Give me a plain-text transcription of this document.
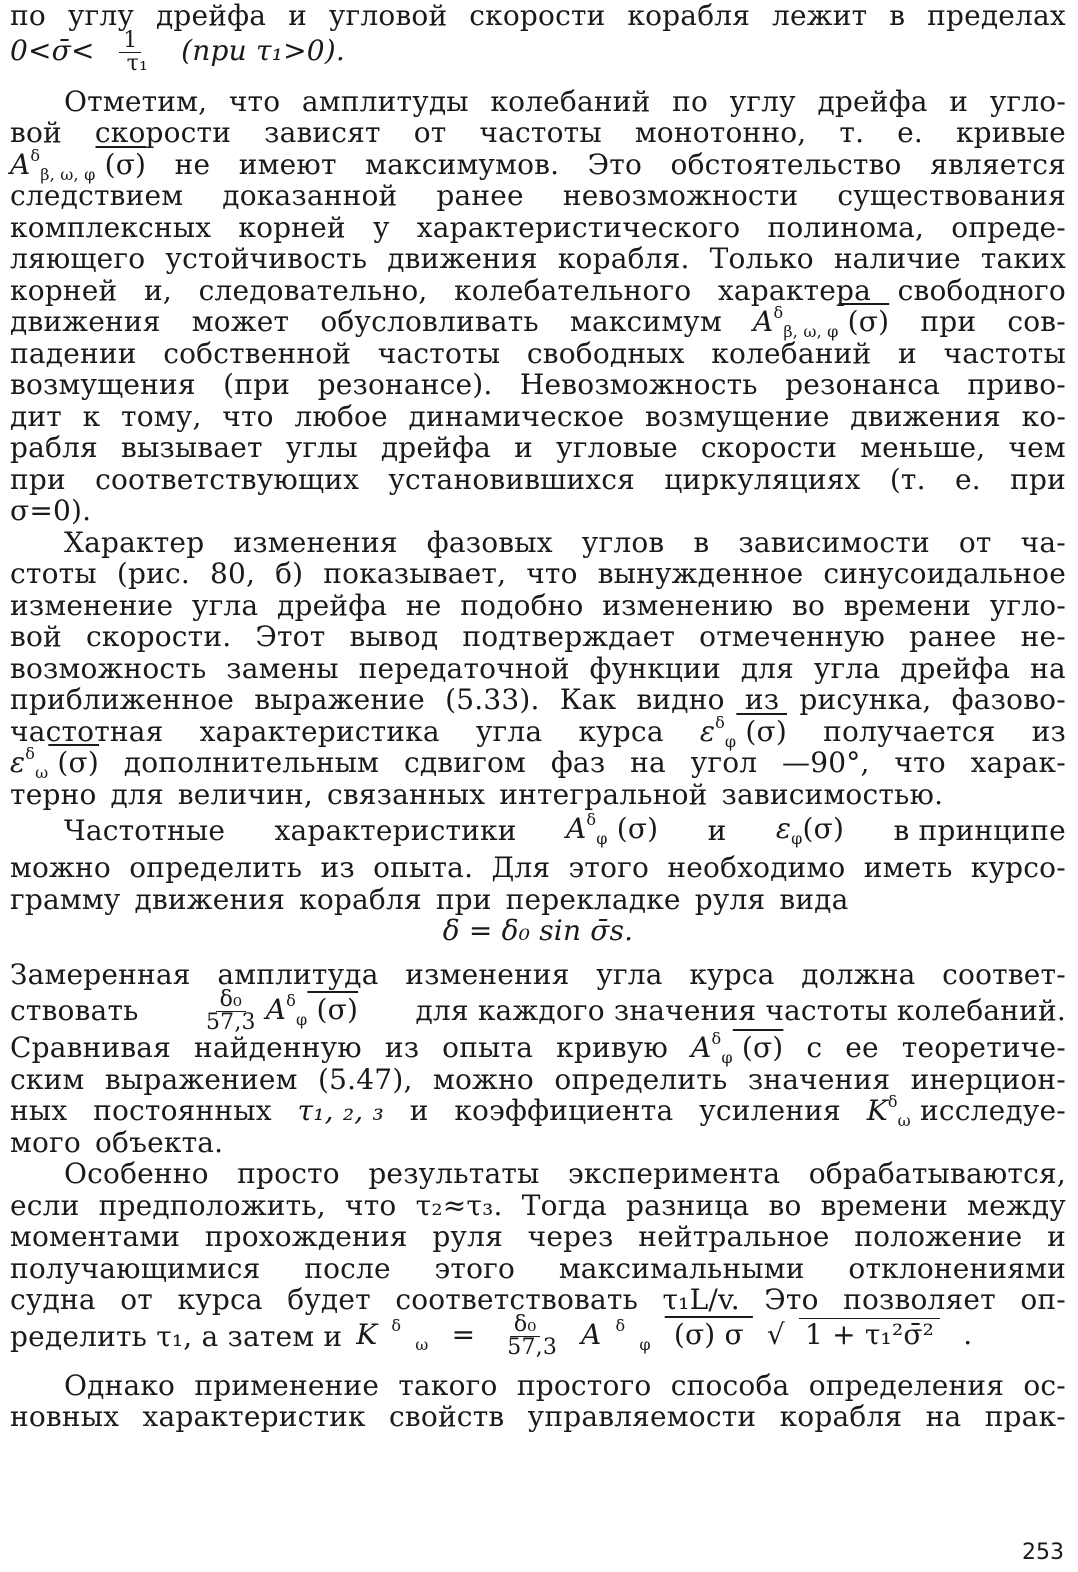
по углу дрейфа и угловой скорости корабля лежит в пределах
0<σ̄< $\frac{1}{\text{τ₁}} (при$ τ₁>0).
Отметим, что амплитуды колебаний по углу дрейфа и угло-
вой скорости зависят от частоты монотонно, т. е. кривые
$A^\delta_{\beta, \omega, \varphi}$ (σ) не имеют максимумов. Это обстоятельство является
следствием доказанной ранее невозможности существования
комплексных корней у характеристического полинома, опреде-
ляющего устойчивость движения корабля. Только наличие таких
корней и, следовательно, колебательного характера свободного
движения может обусловливать максимум $A^\delta_{\beta, \omega, \varphi}$ (σ) при сов-
падении собственной частоты свободных колебаний и частоты
возмущения (при резонансе). Невозможность резонанса приво-
дит к тому, что любое динамическое возмущение движения ко-
рабля вызывает углы дрейфа и угловые скорости меньше, чем
при соответствующих установившихся циркуляциях (т. е. при
σ=0).
Характер изменения фазовых углов в зависимости от ча-
стоты (рис. 80, б) показывает, что вынужденное синусоидальное
изменение угла дрейфа не подобно изменению во времени угло-
вой скорости. Этот вывод подтверждает отмеченную ранее не-
возможность замены передаточной функции для угла дрейфа на
приближенное выражение (5.33). Как видно из рисунка, фазово-
частотная характеристика угла курса $\varepsilon^\delta_\varphi$ (σ) получается из
$\varepsilon^\delta_\omega$ (σ) дополнительным сдвигом фаз на угол —90°, что харак-
терно для величин, связанных интегральной зависимостью.
Частотные характеристики $A^\delta_\varphi$ (σ) и $\varepsilon_\varphi(\sigma)$ в принципе
можно определить из опыта. Для этого необходимо иметь курсо-
грамму движения корабля при перекладке руля вида
δ = δ₀ sin σ̄s.
Замеренная амплитуда изменения угла курса должна соответ-
ствовать	$\frac{\text{δ₀}}{57,3} A^\delta_\varphi$ (σ) для каждого значения частоты колебаний.
Сравнивая найденную из опыта кривую $A^\delta_\varphi$ (σ) с ее теоретиче-
ским выражением (5.47), можно определить значения инерцион-
ных постоянных τ₁, ₂, ₃ и коэффициента усиления $K^\delta_\omega$ исследуе-
мого объекта.
Особенно просто результаты эксперимента обрабатываются,
если предположить, что τ₂≈τ₃. Тогда разница во времени между
моментами прохождения руля через нейтральное положение и
получающимися после этого максимальными отклонениями
судна от курса будет соответствовать τ₁L/v. Это позволяет оп-
ределить τ₁, а затем и K $^\delta_\omega = \frac{\text{δ₀}}{57,3}$ A $^\delta_\varphi$ (σ) σ √ 1 + τ₁²σ̄² .
Однако применение такого простого способа определения ос-
новных характеристик свойств управляемости корабля на прак-
253
